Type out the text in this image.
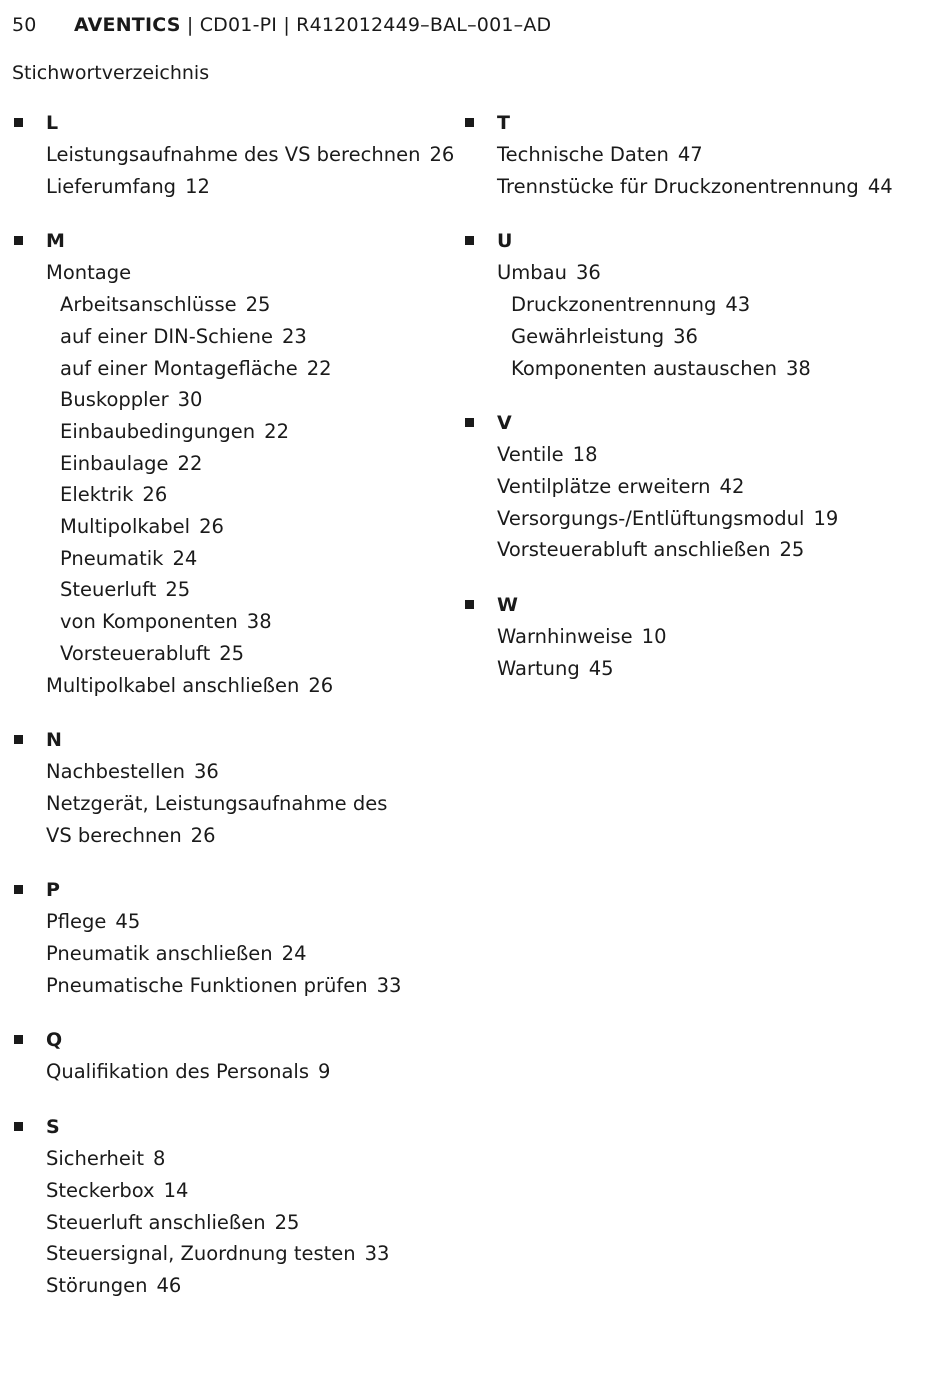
50 AVENTICS | CD01-PI | R412012449–BAL–001–AD
Stichwortverzeichnis
L
Leistungsaufnahme des VS berechnen 26
Lieferumfang 12
M
Montage
Arbeitsanschlüsse 25
auf einer DIN-Schiene 23
auf einer Montagefläche 22
Buskoppler 30
Einbaubedingungen 22
Einbaulage 22
Elektrik 26
Multipolkabel 26
Pneumatik 24
Steuerluft 25
von Komponenten 38
Vorsteuerabluft 25
Multipolkabel anschließen 26
N
Nachbestellen 36
Netzgerät, Leistungsaufnahme des VS berechnen 26
P
Pflege 45
Pneumatik anschließen 24
Pneumatische Funktionen prüfen 33
Q
Qualifikation des Personals 9
S
Sicherheit 8
Steckerbox 14
Steuerluft anschließen 25
Steuersignal, Zuordnung testen 33
Störungen 46
T
Technische Daten 47
Trennstücke für Druckzonentrennung 44
U
Umbau 36
Druckzonentrennung 43
Gewährleistung 36
Komponenten austauschen 38
V
Ventile 18
Ventilplätze erweitern 42
Versorgungs-/Entlüftungsmodul 19
Vorsteuerabluft anschließen 25
W
Warnhinweise 10
Wartung 45
